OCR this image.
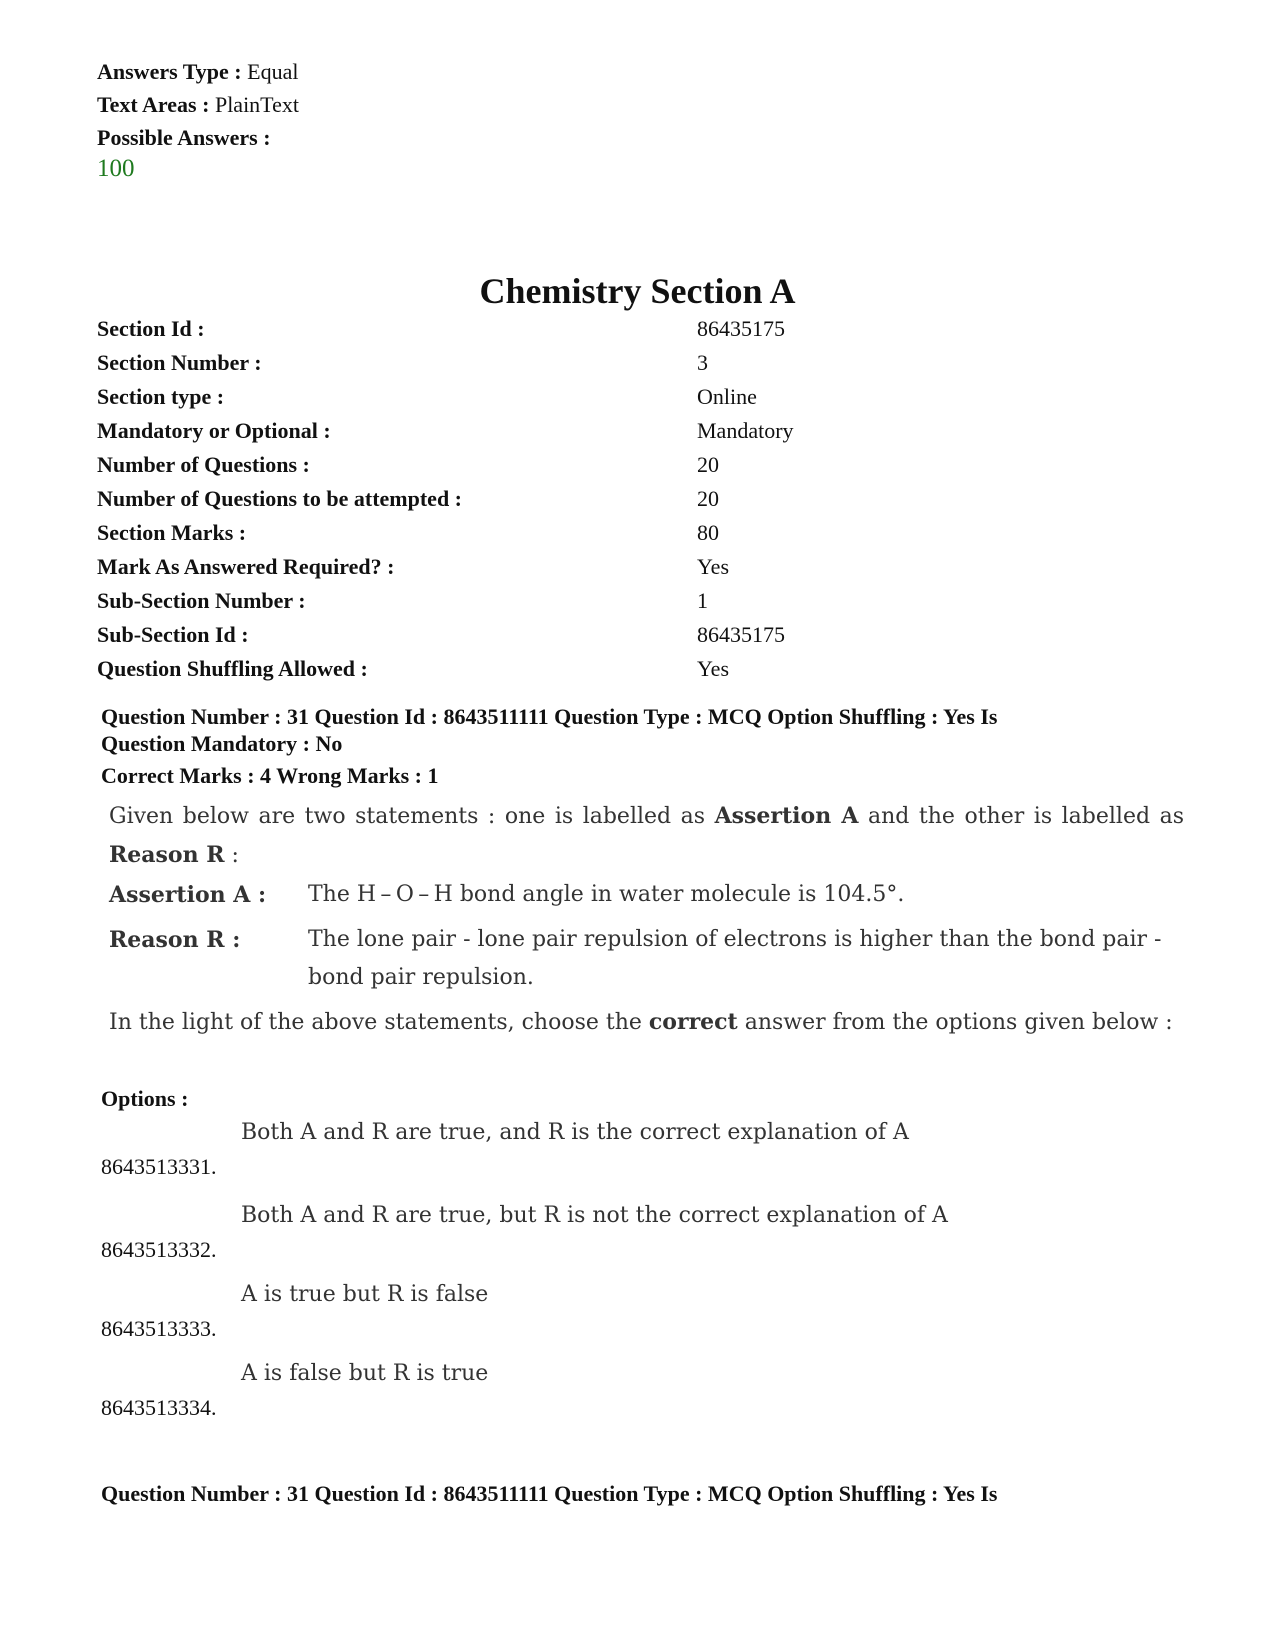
Answers Type : Equal
Text Areas : PlainText
Possible Answers :
100
Chemistry Section A
Section Id :	86435175
Section Number :	3
Section type :	Online
Mandatory or Optional :	Mandatory
Number of Questions :	20
Number of Questions to be attempted :	20
Section Marks :	80
Mark As Answered Required? :	Yes
Sub-Section Number :	1
Sub-Section Id :	86435175
Question Shuffling Allowed :	Yes
Question Number : 31 Question Id : 8643511111 Question Type : MCQ Option Shuffling : Yes Is
Question Mandatory : No
Correct Marks : 4 Wrong Marks : 1
Given below are two statements : one is labelled as Assertion A and the other is labelled as Reason R :
Assertion A : The H – O – H bond angle in water molecule is 104.5°.
Reason R :	The lone pair - lone pair repulsion of electrons is higher than the bond pair - bond pair repulsion.
In the light of the above statements, choose the correct answer from the options given below :
Options :
8643513331.
Both A and R are true, and R is the correct explanation of A
8643513332.
Both A and R are true, but R is not the correct explanation of A
8643513333.
A is true but R is false
8643513334.
A is false but R is true
Question Number : 31 Question Id : 8643511111 Question Type : MCQ Option Shuffling : Yes Is
